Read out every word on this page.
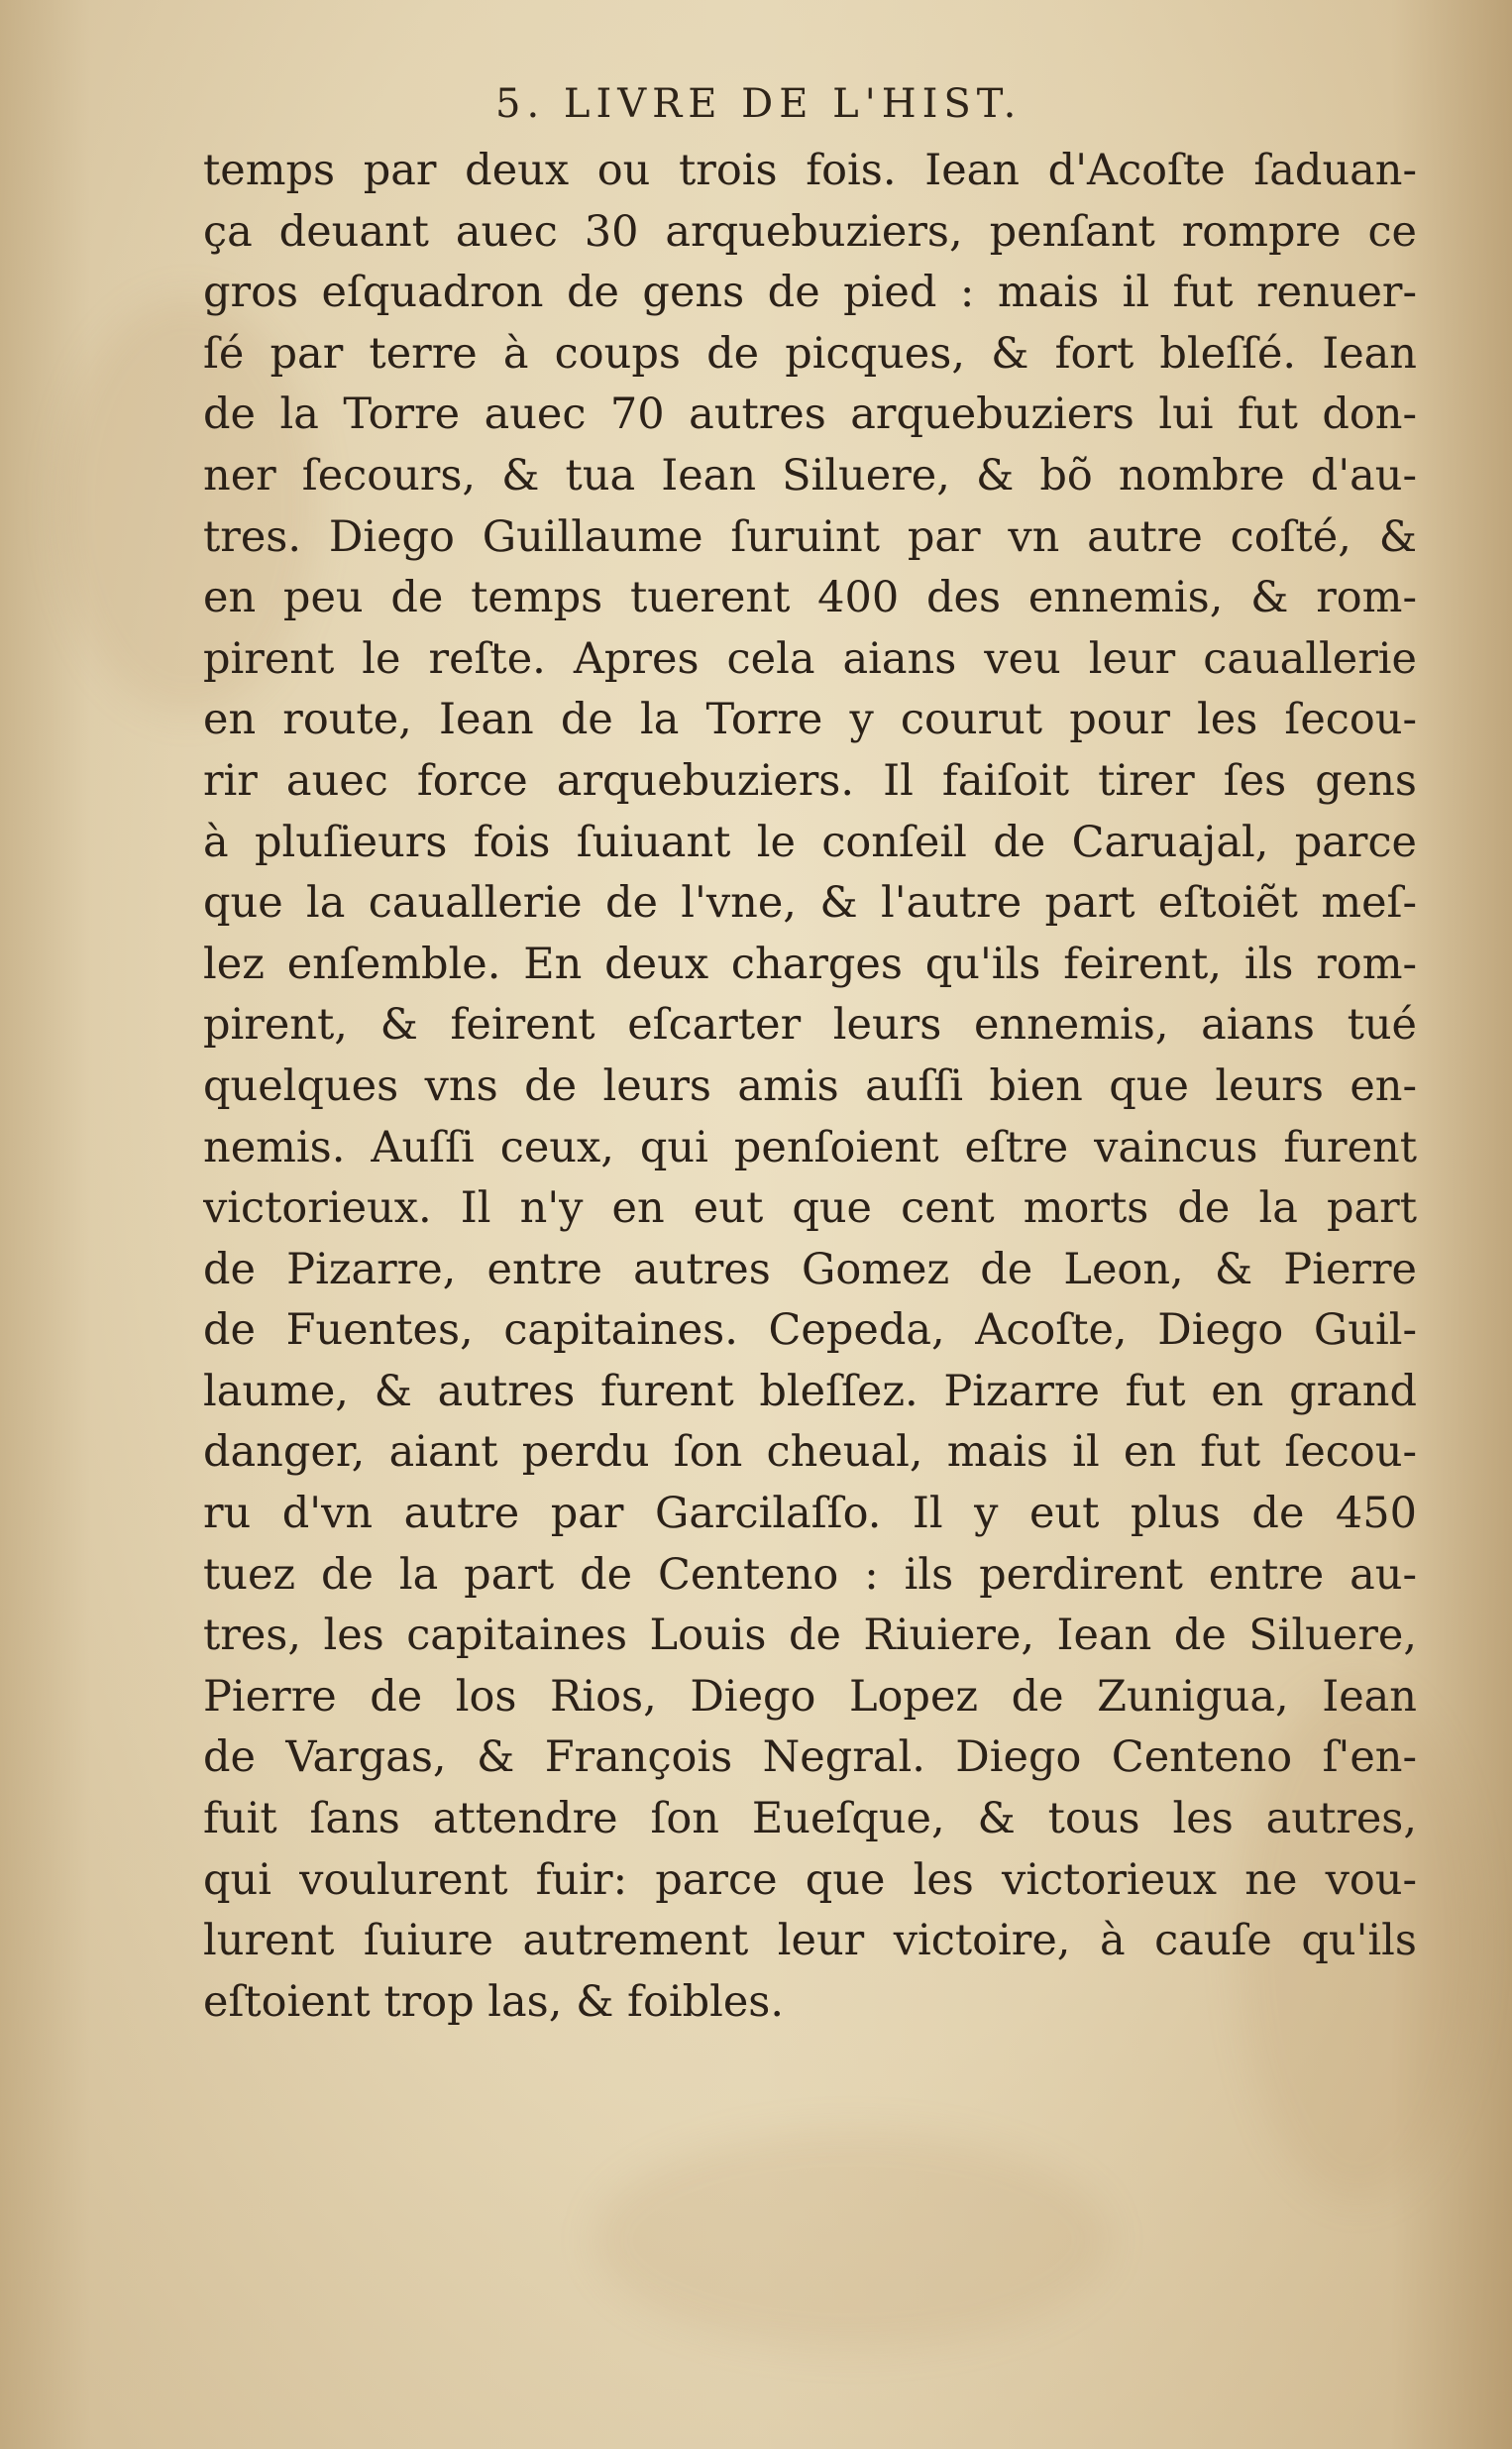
5. LIVRE DE L'HIST.
temps par deux ou trois fois. Iean d'Acoſte ſaduan-
ça deuant auec 30 arquebuziers, penſant rompre ce
gros eſquadron de gens de pied : mais il fut renuer-
ſé par terre à coups de picques, & fort bleſſé. Iean
de la Torre auec 70 autres arquebuziers lui fut don-
ner ſecours, & tua Iean Siluere, & bõ nombre d'au-
tres. Diego Guillaume ſuruint par vn autre coſté, &
en peu de temps tuerent 400 des ennemis, & rom-
pirent le reſte. Apres cela aians veu leur cauallerie
en route, Iean de la Torre y courut pour les ſecou-
rir auec force arquebuziers. Il faiſoit tirer ſes gens
à pluſieurs fois ſuiuant le conſeil de Caruajal, parce
que la cauallerie de l'vne, & l'autre part eſtoiẽt meſ-
lez enſemble. En deux charges qu'ils feirent, ils rom-
pirent, & feirent eſcarter leurs ennemis, aians tué
quelques vns de leurs amis auſſi bien que leurs en-
nemis. Auſſi ceux, qui penſoient eſtre vaincus furent
victorieux. Il n'y en eut que cent morts de la part
de Pizarre, entre autres Gomez de Leon, & Pierre
de Fuentes, capitaines. Cepeda, Acoſte, Diego Guil-
laume, & autres furent bleſſez. Pizarre fut en grand
danger, aiant perdu ſon cheual, mais il en fut ſecou-
ru d'vn autre par Garcilaſſo. Il y eut plus de 450
tuez de la part de Centeno : ils perdirent entre au-
tres, les capitaines Louis de Riuiere, Iean de Siluere,
Pierre de los Rios, Diego Lopez de Zunigua, Iean
de Vargas, & François Negral. Diego Centeno ſ'en-
fuit ſans attendre ſon Eueſque, & tous les autres,
qui voulurent fuir: parce que les victorieux ne vou-
lurent ſuiure autrement leur victoire, à cauſe qu'ils
eſtoient trop las, & foibles.
